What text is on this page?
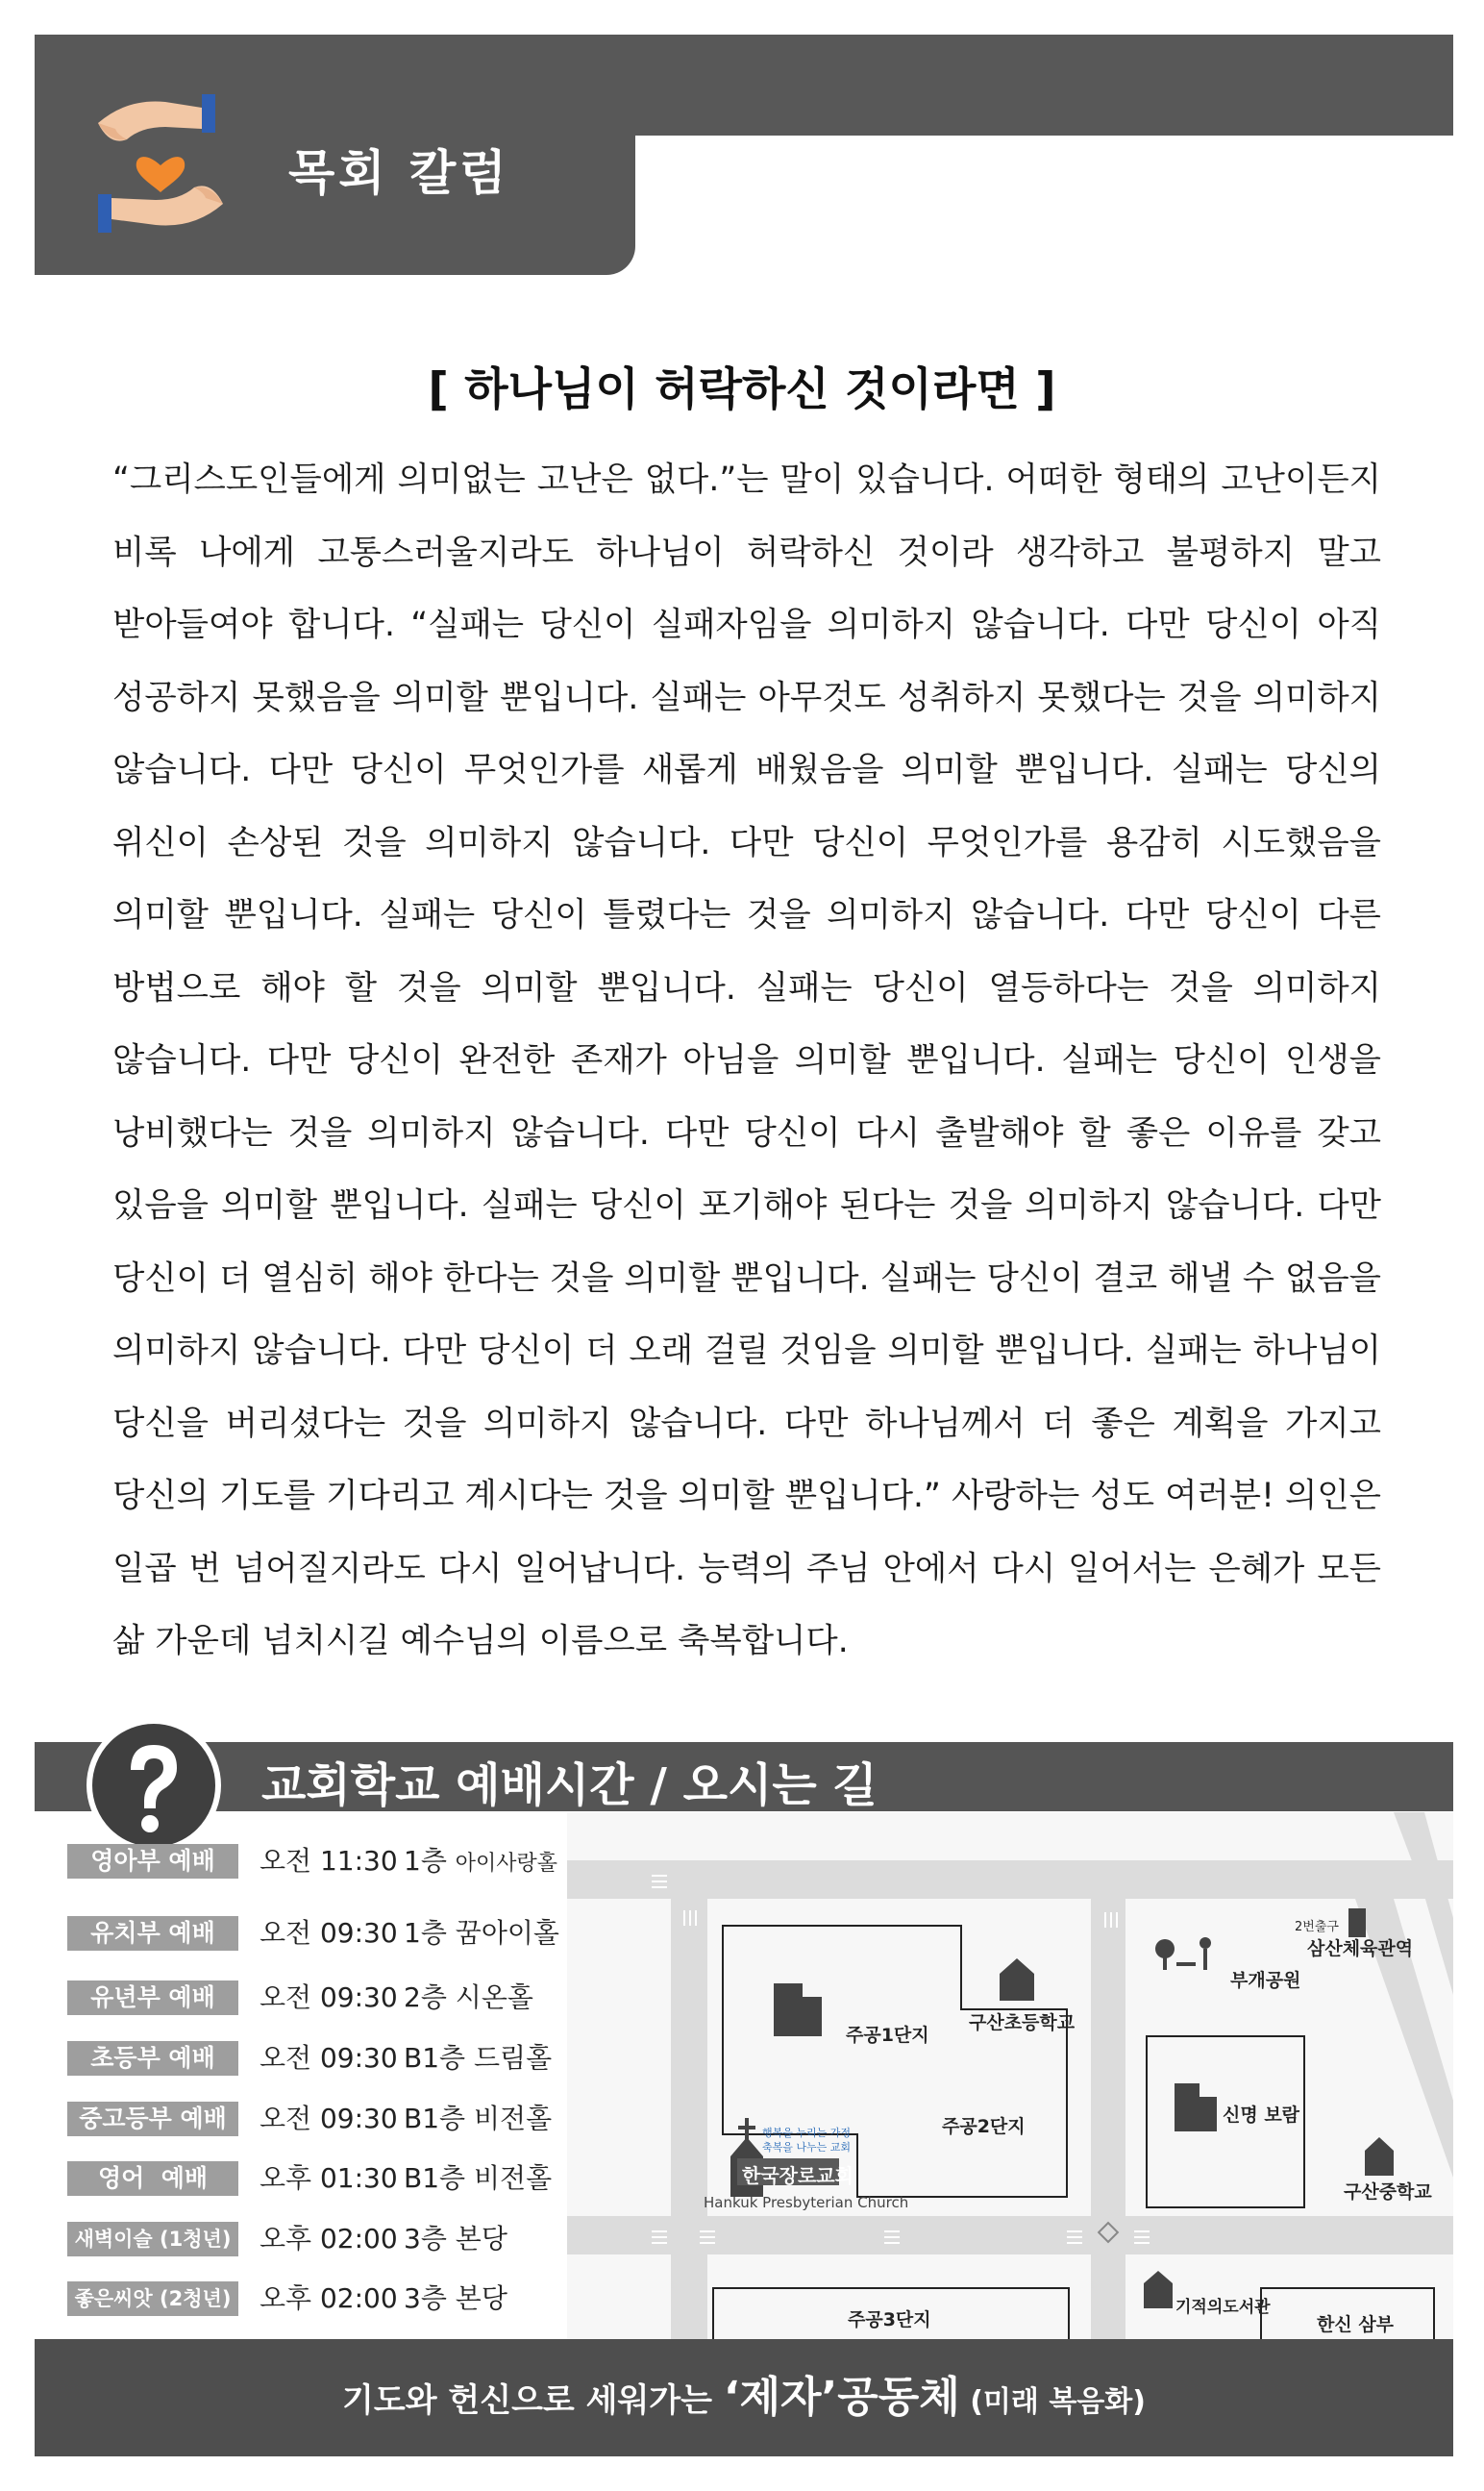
목회 칼럼
[ 하나님이 허락하신 것이라면 ]
“그리스도인들에게 의미없는 고난은 없다.”는 말이 있습니다. 어떠한 형태의 고난이든지 비록 나에게 고통스러울지라도 하나님이 허락하신 것이라 생각하고 불평하지 말고 받아들여야 합니다. “실패는 당신이 실패자임을 의미하지 않습니다. 다만 당신이 아직 성공하지 못했음을 의미할 뿐입니다. 실패는 아무것도 성취하지 못했다는 것을 의미하지 않습니다. 다만 당신이 무엇인가를 새롭게 배웠음을 의미할 뿐입니다. 실패는 당신의 위신이 손상된 것을 의미하지 않습니다. 다만 당신이 무엇인가를 용감히 시도했음을 의미할 뿐입니다. 실패는 당신이 틀렸다는 것을 의미하지 않습니다. 다만 당신이 다른 방법으로 해야 할 것을 의미할 뿐입니다. 실패는 당신이 열등하다는 것을 의미하지 않습니다. 다만 당신이 완전한 존재가 아님을 의미할 뿐입니다. 실패는 당신이 인생을 낭비했다는 것을 의미하지 않습니다. 다만 당신이 다시 출발해야 할 좋은 이유를 갖고 있음을 의미할 뿐입니다. 실패는 당신이 포기해야 된다는 것을 의미하지 않습니다. 다만 당신이 더 열심히 해야 한다는 것을 의미할 뿐입니다. 실패는 당신이 결코 해낼 수 없음을 의미하지 않습니다. 다만 당신이 더 오래 걸릴 것임을 의미할 뿐입니다. 실패는 하나님이 당신을 버리셨다는 것을 의미하지 않습니다. 다만 하나님께서 더 좋은 계획을 가지고 당신의 기도를 기다리고 계시다는 것을 의미할 뿐입니다.” 사랑하는 성도 여러분! 의인은 일곱 번 넘어질지라도 다시 일어납니다. 능력의 주님 안에서 다시 일어서는 은혜가 모든 삶 가운데 넘치시길 예수님의 이름으로 축복합니다.
교회학교 예배시간 / 오시는 길
영아부 예배	오전 11:30 1층 아이사랑홀
유치부 예배	오전 09:30 1층 꿈아이홀
유년부 예배	오전 09:30 2층 시온홀
초등부 예배	오전 09:30 B1층 드림홀
중고등부 예배	오전 09:30 B1층 비전홀
영어  예배	오후 01:30 B1층 비전홀
새벽이슬 (1청년) 오후 02:00 3층 본당
좋은씨앗 (2청년) 오후 02:00 3층 본당
2번출구
삼산체육관역
부개공원
주공1단지
구산초등학교
주공2단지
신명 보람
구산중학교
행복을 누리는 가정
축복을 나누는 교회
한국장로교회
Hankuk Presbyterian Church
주공3단지
기적의도서관
한신 삼부
기도와 헌신으로 세워가는 ‘제자’공동체 (미래 복음화)
